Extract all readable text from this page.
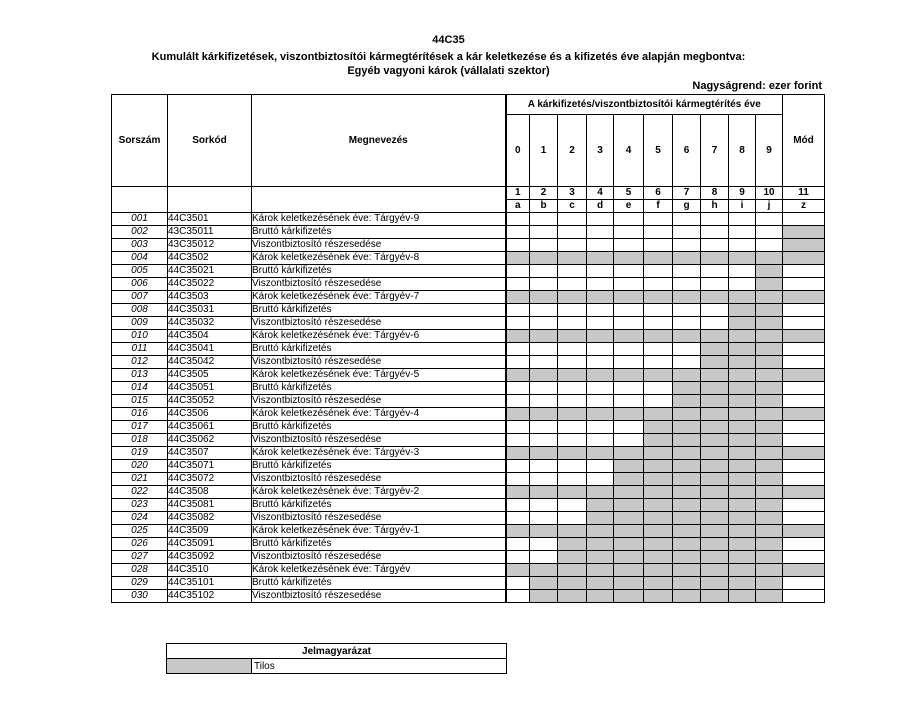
44C35
Kumulált kárkifizetések, viszontbiztosítói kármegtérítések a kár keletkezése és a kifizetés éve alapján megbontva:
Egyéb vagyoni károk (vállalati szektor)
Nagyságrend: ezer forint
Sorszám	Sorkód	Megnevezés	A kárkifizetés/viszontbiztosítói kármegtérítés éve										Mód
			0	1	2	3	4	5	6	7	8	9	
			1	2	3	4	5	6	7	8	9	10	11
			a	b	c	d	e	f	g	h	i	j	z
001	44C3501	Károk keletkezésének éve: Tárgyév-9											
002	43C35011	Bruttó kárkifizetés											
003	43C35012	Viszontbiztosító részesedése											
004	44C3502	Károk keletkezésének éve: Tárgyév-8											
005	44C35021	Bruttó kárkifizetés											
006	44C35022	Viszontbiztosító részesedése											
007	44C3503	Károk keletkezésének éve: Tárgyév-7											
008	44C35031	Bruttó kárkifizetés											
009	44C35032	Viszontbiztosító részesedése											
010	44C3504	Károk keletkezésének éve: Tárgyév-6											
011	44C35041	Bruttó kárkifizetés											
012	44C35042	Viszontbiztosító részesedése											
013	44C3505	Károk keletkezésének éve: Tárgyév-5											
014	44C35051	Bruttó kárkifizetés											
015	44C35052	Viszontbiztosító részesedése											
016	44C3506	Károk keletkezésének éve: Tárgyév-4											
017	44C35061	Bruttó kárkifizetés											
018	44C35062	Viszontbiztosító részesedése											
019	44C3507	Károk keletkezésének éve: Tárgyév-3											
020	44C35071	Bruttó kárkifizetés											
021	44C35072	Viszontbiztosító részesedése											
022	44C3508	Károk keletkezésének éve: Tárgyév-2											
023	44C35081	Bruttó kárkifizetés											
024	44C35082	Viszontbiztosító részesedése											
025	44C3509	Károk keletkezésének éve: Tárgyév-1											
026	44C35091	Bruttó kárkifizetés											
027	44C35092	Viszontbiztosító részesedése											
028	44C3510	Károk keletkezésének éve: Tárgyév											
029	44C35101	Bruttó kárkifizetés											
030	44C35102	Viszontbiztosító részesedése											
Jelmagyarázat
	Tilos
